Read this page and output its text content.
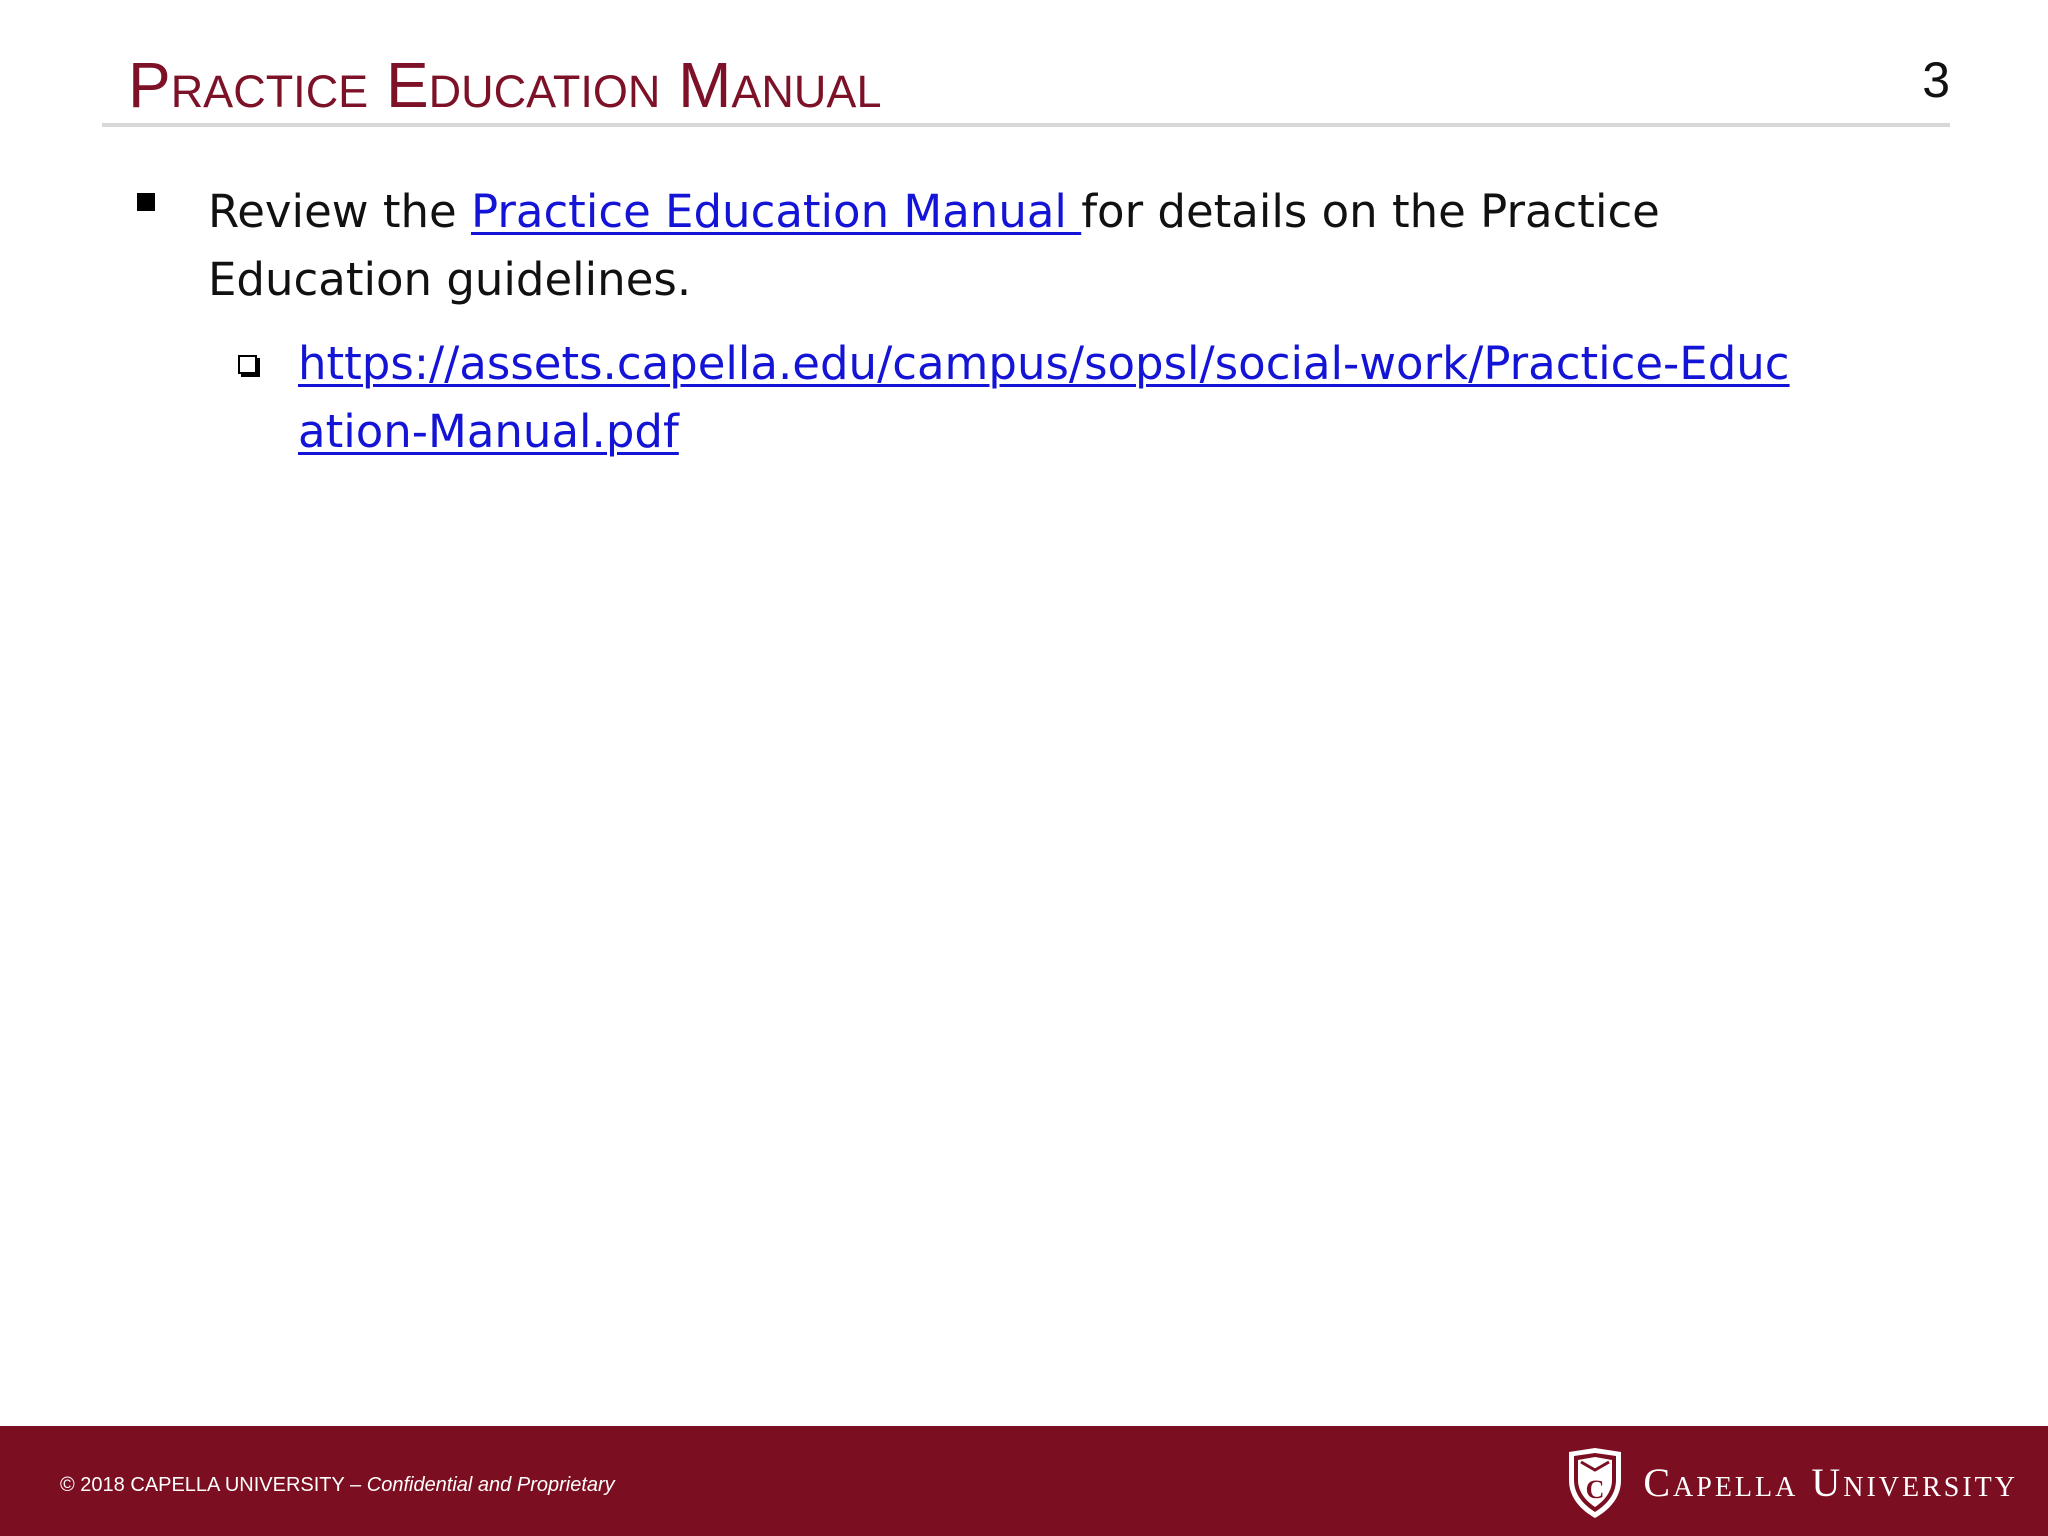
Practice Education Manual	3
Review the Practice Education Manual for details on the Practice Education guidelines.
https://assets.capella.edu/campus/sopsl/social-work/Practice-Education-Manual.pdf
© 2018 CAPELLA UNIVERSITY – Confidential and Proprietary	C Capella University
